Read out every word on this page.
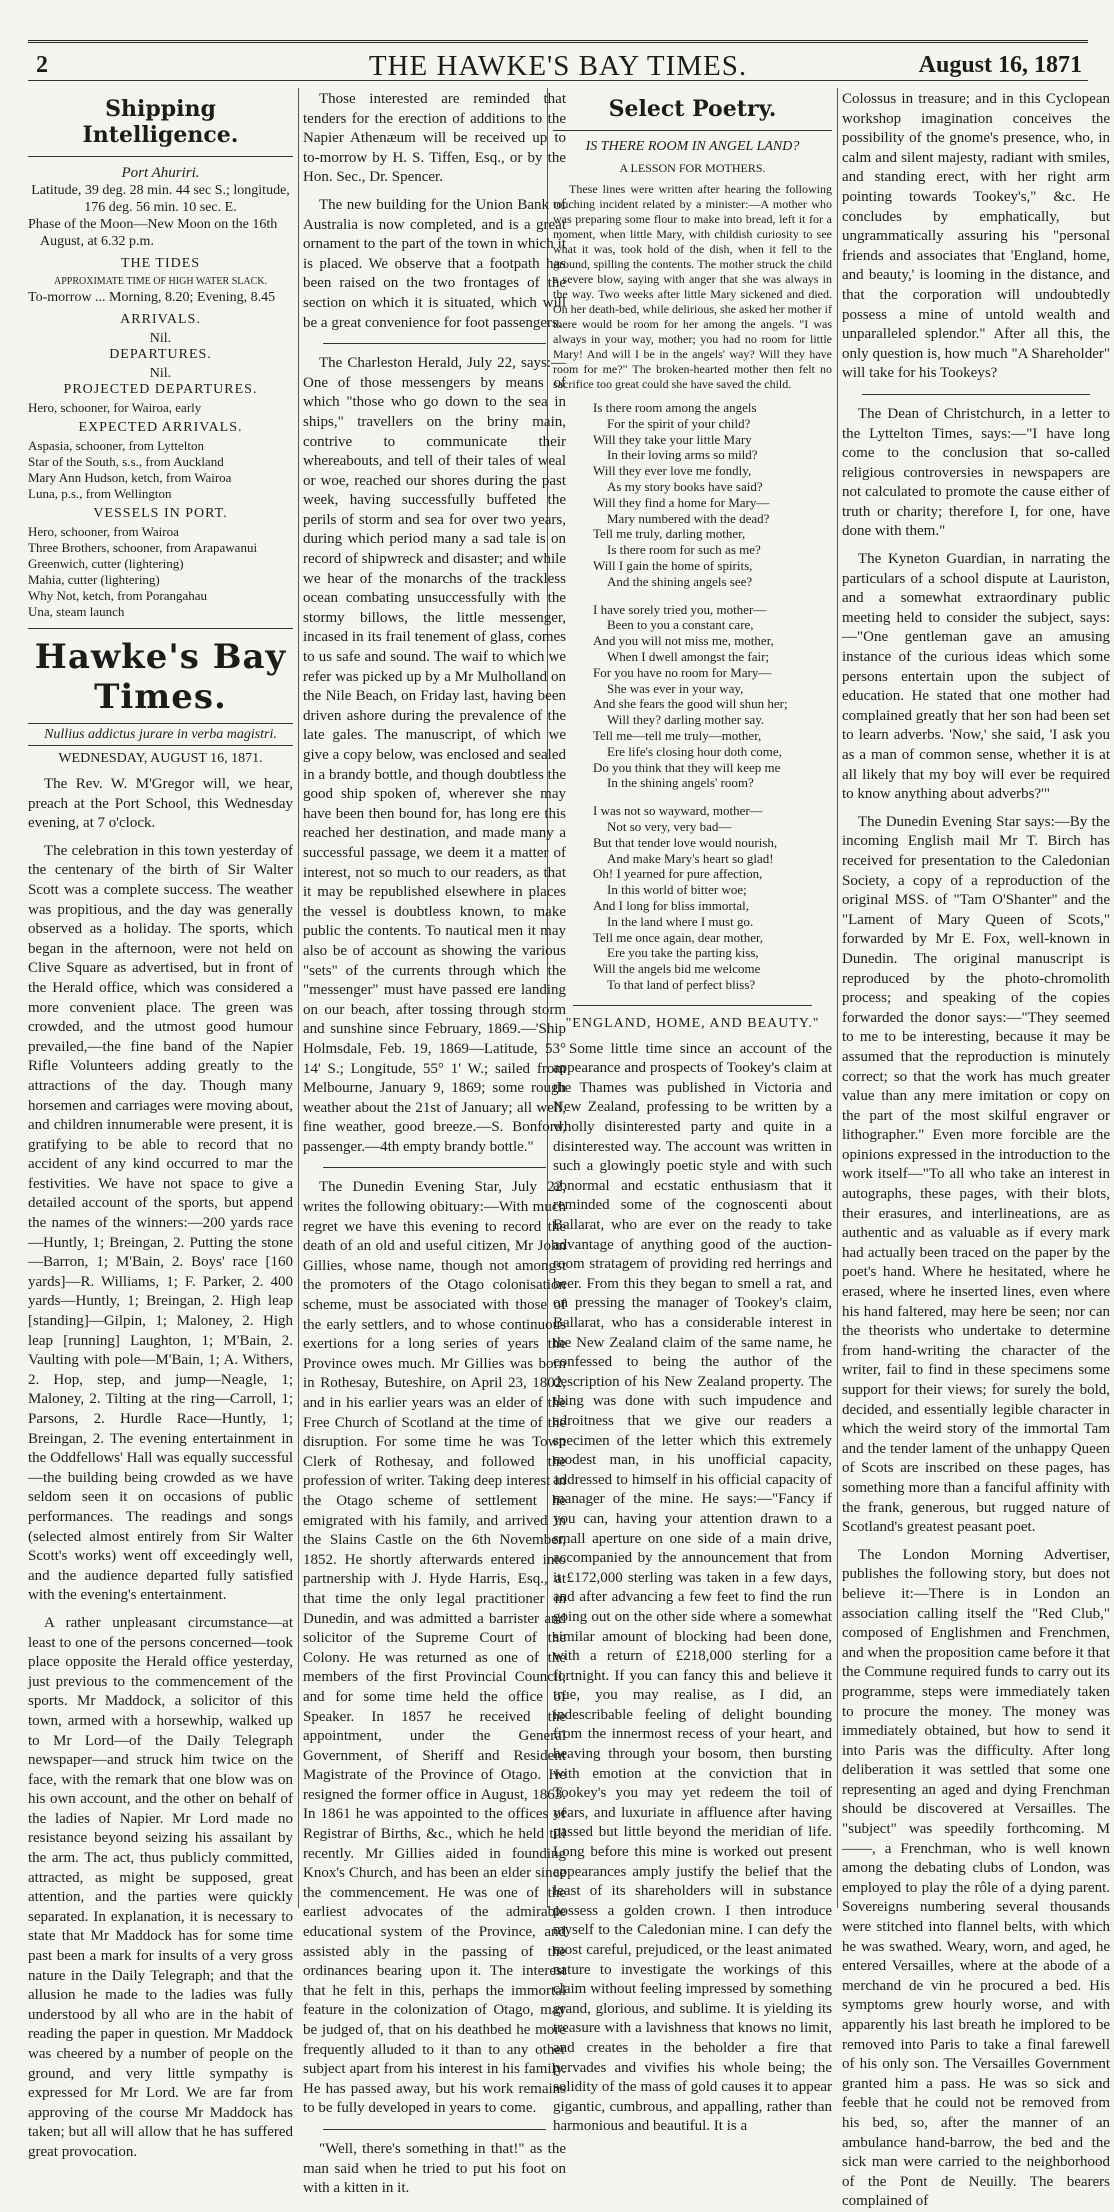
2	THE HAWKE'S BAY TIMES.	August 16, 1871
Shipping Intelligence.
Port Ahuriri.
Latitude, 39 deg. 28 min. 44 sec S.; longitude, 176 deg. 56 min. 10 sec. E.
Phase of the Moon—New Moon on the 16th August, at 6.32 p.m.
THE TIDES
APPROXIMATE TIME OF HIGH WATER SLACK.
To-morrow ... Morning, 8.20; Evening, 8.45
ARRIVALS.
Nil.
DEPARTURES.
Nil.
PROJECTED DEPARTURES.
Hero, schooner, for Wairoa, early
EXPECTED ARRIVALS.
Aspasia, schooner, from Lyttelton
Star of the South, s.s., from Auckland
Mary Ann Hudson, ketch, from Wairoa
Luna, p.s., from Wellington
VESSELS IN PORT.
Hero, schooner, from Wairoa
Three Brothers, schooner, from Arapawanui
Greenwich, cutter (lightering)
Mahia, cutter (lightering)
Why Not, ketch, from Porangahau
Una, steam launch
Hawke's Bay Times.
Nullius addictus jurare in verba magistri.
WEDNESDAY, AUGUST 16, 1871.

The Rev. W. M'Gregor will, we hear, preach at the Port School, this Wednesday evening, at 7 o'clock.

The celebration in this town yesterday of the centenary of the birth of Sir Walter Scott was a complete success. The weather was propitious, and the day was generally observed as a holiday. The sports, which began in the afternoon, were not held on Clive Square as advertised, but in front of the Herald office, which was considered a more convenient place. The green was crowded, and the utmost good humour prevailed,—the fine band of the Napier Rifle Volunteers adding greatly to the attractions of the day. Though many horsemen and carriages were moving about, and children innumerable were present, it is gratifying to be able to record that no accident of any kind occurred to mar the festivities. We have not space to give a detailed account of the sports, but append the names of the winners:—200 yards race—Huntly, 1; Breingan, 2. Putting the stone—Barron, 1; M'Bain, 2. Boys' race [160 yards]—R. Williams, 1; F. Parker, 2. 400 yards—Huntly, 1; Breingan, 2. High leap [standing]—Gilpin, 1; Maloney, 2. High leap [running] Laughton, 1; M'Bain, 2. Vaulting with pole—M'Bain, 1; A. Withers, 2. Hop, step, and jump—Neagle, 1; Maloney, 2. Tilting at the ring—Carroll, 1; Parsons, 2. Hurdle Race—Huntly, 1; Breingan, 2. The evening entertainment in the Oddfellows' Hall was equally successful—the building being crowded as we have seldom seen it on occasions of public performances. The readings and songs (selected almost entirely from Sir Walter Scott's works) went off exceedingly well, and the audience departed fully satisfied with the evening's entertainment.

A rather unpleasant circumstance—at least to one of the persons concerned—took place opposite the Herald office yesterday, just previous to the commencement of the sports. Mr Maddock, a solicitor of this town, armed with a horsewhip, walked up to Mr Lord—of the Daily Telegraph newspaper—and struck him twice on the face, with the remark that one blow was on his own account, and the other on behalf of the ladies of Napier. Mr Lord made no resistance beyond seizing his assailant by the arm. The act, thus publicly committed, attracted, as might be supposed, great attention, and the parties were quickly separated. In explanation, it is necessary to state that Mr Maddock has for some time past been a mark for insults of a very gross nature in the Daily Telegraph; and that the allusion he made to the ladies was fully understood by all who are in the habit of reading the paper in question. Mr Maddock was cheered by a number of people on the ground, and very little sympathy is expressed for Mr Lord. We are far from approving of the course Mr Maddock has taken; but all will allow that he has suffered great provocation.

Those interested are reminded that tenders for the erection of additions to the Napier Athenæum will be received up to to-morrow by H. S. Tiffen, Esq., or by the Hon. Sec., Dr. Spencer.

The new building for the Union Bank of Australia is now completed, and is a great ornament to the part of the town in which it is placed. We observe that a footpath has been raised on the two frontages of the section on which it is situated, which will be a great convenience for foot passengers.

The Charleston Herald, July 22, says:—One of those messengers by means of which "those who go down to the sea in ships," travellers on the briny main, contrive to communicate their whereabouts, and tell of their tales of weal or woe, reached our shores during the past week, having successfully buffeted the perils of storm and sea for over two years, during which period many a sad tale is on record of shipwreck and disaster; and while we hear of the monarchs of the trackless ocean combating unsuccessfully with the stormy billows, the little messenger, incased in its frail tenement of glass, comes to us safe and sound. The waif to which we refer was picked up by a Mr Mulholland on the Nile Beach, on Friday last, having been driven ashore during the prevalence of the late gales. The manuscript, of which we give a copy below, was enclosed and sealed in a brandy bottle, and though doubtless the good ship spoken of, wherever she may have been then bound for, has long ere this reached her destination, and made many a successful passage, we deem it a matter of interest, not so much to our readers, as that it may be republished elsewhere in places the vessel is doubtless known, to make public the contents. To nautical men it may also be of account as showing the various "sets" of the currents through which the "messenger" must have passed ere landing on our beach, after tossing through storm and sunshine since February, 1869.—'Ship Holmsdale, Feb. 19, 1869—Latitude, 53° 14' S.; Longitude, 55° 1' W.; sailed from Melbourne, January 9, 1869; some rough weather about the 21st of January; all well, fine weather, good breeze.—S. Bonford, passenger.—4th empty brandy bottle."

The Dunedin Evening Star, July 22, writes the following obituary:—With much regret we have this evening to record the death of an old and useful citizen, Mr John Gillies, whose name, though not amongst the promoters of the Otago colonisation scheme, must be associated with those of the early settlers, and to whose continuous exertions for a long series of years the Province owes much. Mr Gillies was born in Rothesay, Buteshire, on April 23, 1802, and in his earlier years was an elder of the Free Church of Scotland at the time of the disruption. For some time he was Town Clerk of Rothesay, and followed the profession of writer. Taking deep interest in the Otago scheme of settlement he emigrated with his family, and arrived in the Slains Castle on the 6th November, 1852. He shortly afterwards entered into partnership with J. Hyde Harris, Esq., at that time the only legal practitioner in Dunedin, and was admitted a barrister and solicitor of the Supreme Court of the Colony. He was returned as one of the members of the first Provincial Council, and for some time held the office of Speaker. In 1857 he received the appointment, under the General Government, of Sheriff and Resident Magistrate of the Province of Otago. He resigned the former office in August, 1863. In 1861 he was appointed to the offices of Registrar of Births, &c., which he held till recently. Mr Gillies aided in founding Knox's Church, and has been an elder since the commencement. He was one of the earliest advocates of the admirable educational system of the Province, and assisted ably in the passing of the ordinances bearing upon it. The interest that he felt in this, perhaps the immortal feature in the colonization of Otago, may be judged of, that on his deathbed he more frequently alluded to it than to any other subject apart from his interest in his family. He has passed away, but his work remains to be fully developed in years to come.

"Well, there's something in that!" as the man said when he tried to put his foot on with a kitten in it.

Select Poetry.
IS THERE ROOM IN ANGEL LAND?
A LESSON FOR MOTHERS.

These lines were written after hearing the following touching incident related by a minister:—A mother who was preparing some flour to make into bread, left it for a moment, when little Mary, with childish curiosity to see what it was, took hold of the dish, when it fell to the ground, spilling the contents. The mother struck the child a severe blow, saying with anger that she was always in the way. Two weeks after little Mary sickened and died. On her death-bed, while delirious, she asked her mother if there would be room for her among the angels. "I was always in your way, mother; you had no room for little Mary! And will I be in the angels' way? Will they have room for me?" The broken-hearted mother then felt no sacrifice too great could she have saved the child.

Is there room among the angels
For the spirit of your child?
Will they take your little Mary
In their loving arms so mild?
Will they ever love me fondly,
As my story books have said?
Will they find a home for Mary—
Mary numbered with the dead?
Tell me truly, darling mother,
Is there room for such as me?
Will I gain the home of spirits,
And the shining angels see?
I have sorely tried you, mother—
Been to you a constant care,
And you will not miss me, mother,
When I dwell amongst the fair;
For you have no room for Mary—
She was ever in your way,
And she fears the good will shun her;
Will they? darling mother say.
Tell me—tell me truly—mother,
Ere life's closing hour doth come,
Do you think that they will keep me
In the shining angels' room?
I was not so wayward, mother—
Not so very, very bad—
But that tender love would nourish,
And make Mary's heart so glad!
Oh! I yearned for pure affection,
In this world of bitter woe;
And I long for bliss immortal,
In the land where I must go.
Tell me once again, dear mother,
Ere you take the parting kiss,
Will the angels bid me welcome
To that land of perfect bliss?
"ENGLAND, HOME, AND BEAUTY."

Some little time since an account of the appearance and prospects of Tookey's claim at the Thames was published in Victoria and New Zealand, professing to be written by a wholly disinterested party and quite in a disinterested way. The account was written in such a glowingly poetic style and with such abnormal and ecstatic enthusiasm that it reminded some of the cognoscenti about Ballarat, who are ever on the ready to take advantage of anything good of the auction-room stratagem of providing red herrings and beer. From this they began to smell a rat, and on pressing the manager of Tookey's claim, Ballarat, who has a considerable interest in the New Zealand claim of the same name, he confessed to being the author of the description of his New Zealand property. The thing was done with such impudence and adroitness that we give our readers a specimen of the letter which this extremely modest man, in his unofficial capacity, addressed to himself in his official capacity of manager of the mine. He says:—"Fancy if you can, having your attention drawn to a small aperture on one side of a main drive, accompanied by the announcement that from it £172,000 sterling was taken in a few days, and after advancing a few feet to find the run going out on the other side where a somewhat similar amount of blocking had been done, with a return of £218,000 sterling for a fortnight. If you can fancy this and believe it true, you may realise, as I did, an indescribable feeling of delight bounding from the innermost recess of your heart, and heaving through your bosom, then bursting with emotion at the conviction that in Tookey's you may yet redeem the toil of years, and luxuriate in affluence after having passed but little beyond the meridian of life. Long before this mine is worked out present appearances amply justify the belief that the least of its shareholders will in substance possess a golden crown. I then introduce myself to the Caledonian mine. I can defy the most careful, prejudiced, or the least animated nature to investigate the workings of this claim without feeling impressed by something grand, glorious, and sublime. It is yielding its treasure with a lavishness that knows no limit, and creates in the beholder a fire that pervades and vivifies his whole being; the solidity of the mass of gold causes it to appear gigantic, cumbrous, and appalling, rather than harmonious and beautiful. It is a

Colossus in treasure; and in this Cyclopean workshop imagination conceives the possibility of the gnome's presence, who, in calm and silent majesty, radiant with smiles, and standing erect, with her right arm pointing towards Tookey's," &c. He concludes by emphatically, but ungrammatically assuring his "personal friends and associates that 'England, home, and beauty,' is looming in the distance, and that the corporation will undoubtedly possess a mine of untold wealth and unparalleled splendor." After all this, the only question is, how much "A Shareholder" will take for his Tookeys?

The Dean of Christchurch, in a letter to the Lyttelton Times, says:—"I have long come to the conclusion that so-called religious controversies in newspapers are not calculated to promote the cause either of truth or charity; therefore I, for one, have done with them."

The Kyneton Guardian, in narrating the particulars of a school dispute at Lauriston, and a somewhat extraordinary public meeting held to consider the subject, says:—"One gentleman gave an amusing instance of the curious ideas which some persons entertain upon the subject of education. He stated that one mother had complained greatly that her son had been set to learn adverbs. 'Now,' she said, 'I ask you as a man of common sense, whether it is at all likely that my boy will ever be required to know anything about adverbs?'"

The Dunedin Evening Star says:—By the incoming English mail Mr T. Birch has received for presentation to the Caledonian Society, a copy of a reproduction of the original MSS. of "Tam O'Shanter" and the "Lament of Mary Queen of Scots," forwarded by Mr E. Fox, well-known in Dunedin. The original manuscript is reproduced by the photo-chromolith process; and speaking of the copies forwarded the donor says:—"They seemed to me to be interesting, because it may be assumed that the reproduction is minutely correct; so that the work has much greater value than any mere imitation or copy on the part of the most skilful engraver or lithographer." Even more forcible are the opinions expressed in the introduction to the work itself—"To all who take an interest in autographs, these pages, with their blots, their erasures, and interlineations, are as authentic and as valuable as if every mark had actually been traced on the paper by the poet's hand. Where he hesitated, where he erased, where he inserted lines, even where his hand faltered, may here be seen; nor can the theorists who undertake to determine from hand-writing the character of the writer, fail to find in these specimens some support for their views; for surely the bold, decided, and essentially legible character in which the weird story of the immortal Tam and the tender lament of the unhappy Queen of Scots are inscribed on these pages, has something more than a fanciful affinity with the frank, generous, but rugged nature of Scotland's greatest peasant poet.

The London Morning Advertiser, publishes the following story, but does not believe it:—There is in London an association calling itself the "Red Club," composed of Englishmen and Frenchmen, and when the proposition came before it that the Commune required funds to carry out its programme, steps were immediately taken to procure the money. The money was immediately obtained, but how to send it into Paris was the difficulty. After long deliberation it was settled that some one representing an aged and dying Frenchman should be discovered at Versailles. The "subject" was speedily forthcoming. M——, a Frenchman, who is well known among the debating clubs of London, was employed to play the rôle of a dying parent. Sovereigns numbering several thousands were stitched into flannel belts, with which he was swathed. Weary, worn, and aged, he entered Versailles, where at the abode of a merchand de vin he procured a bed. His symptoms grew hourly worse, and with apparently his last breath he implored to be removed into Paris to take a final farewell of his only son. The Versailles Government granted him a pass. He was so sick and feeble that he could not be removed from his bed, so, after the manner of an ambulance hand-barrow, the bed and the sick man were carried to the neighborhood of the Pont de Neuilly. The bearers complained of
